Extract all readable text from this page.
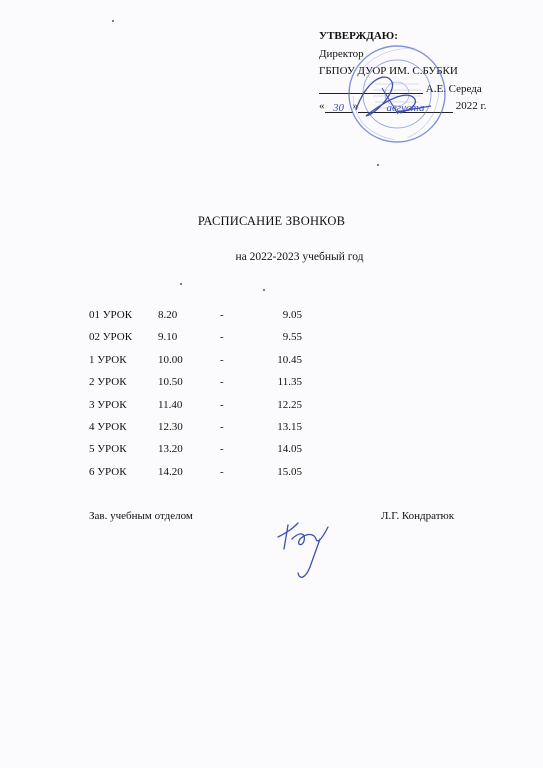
УТВЕРЖДАЮ:
Директор
ГБПОУ ДУОР ИМ. С.БУБКИ
А.Е. Середа
« 30 »	августа	2022 г.
РАСПИСАНИЕ ЗВОНКОВ
на 2022-2023 учебный год
01 УРОК	8.20	-	9.05
02 УРОК	9.10	-	9.55
1 УРОК	10.00	-	10.45
2 УРОК	10.50	-	11.35
3 УРОК	11.40	-	12.25
4 УРОК	12.30	-	13.15
5 УРОК	13.20	-	14.05
6 УРОК	14.20	-	15.05
Зав. учебным отделом	Л.Г. Кондратюк
